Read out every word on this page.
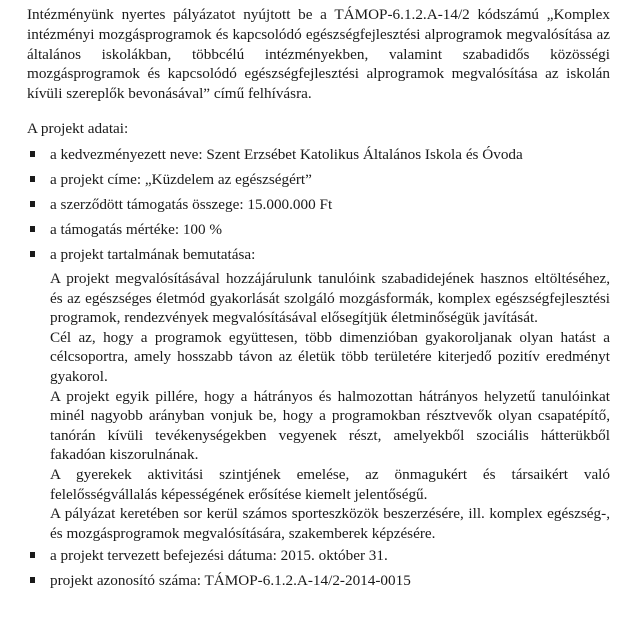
Intézményünk nyertes pályázatot nyújtott be a TÁMOP-6.1.2.A-14/2 kódszámú „Komplex intézményi mozgásprogramok és kapcsolódó egészségfejlesztési alprogramok megvalósítása az általános iskolákban, többcélú intézményekben, valamint szabadidős közösségi mozgásprogramok és kapcsolódó egészségfejlesztési alprogramok megvalósítása az iskolán kívüli szereplők bevonásával” című felhívásra.

A projekt adatai:

a kedvezményezett neve: Szent Erzsébet Katolikus Általános Iskola és Óvoda
a projekt címe: „Küzdelem az egészségért”
a szerződött támogatás összege: 15.000.000 Ft
a támogatás mértéke: 100 %
a projekt tartalmának bemutatása:

A projekt megvalósításával hozzájárulunk tanulóink szabadidejének hasznos eltöltéséhez, és az egészséges életmód gyakorlását szolgáló mozgásformák, komplex egészségfejlesztési programok, rendezvények megvalósításával elősegítjük életminőségük javítását.

Cél az, hogy a programok együttesen, több dimenzióban gyakoroljanak olyan hatást a célcsoportra, amely hosszabb távon az életük több területére kiterjedő pozitív eredményt gyakorol.

A projekt egyik pillére, hogy a hátrányos és halmozottan hátrányos helyzetű tanulóinkat minél nagyobb arányban vonjuk be, hogy a programokban résztvevők olyan csapatépítő, tanórán kívüli tevékenységekben vegyenek részt, amelyekből szociális hátterükből fakadóan kiszorulnának.

A gyerekek aktivitási szintjének emelése, az önmagukért és társaikért való felelősségvállalás képességének erősítése kiemelt jelentőségű.

A pályázat keretében sor kerül számos sporteszközök beszerzésére, ill. komplex egészség-, és mozgásprogramok megvalósítására, szakemberek képzésére.

a projekt tervezett befejezési dátuma: 2015. október 31.
projekt azonosító száma: TÁMOP-6.1.2.A-14/2-2014-0015
